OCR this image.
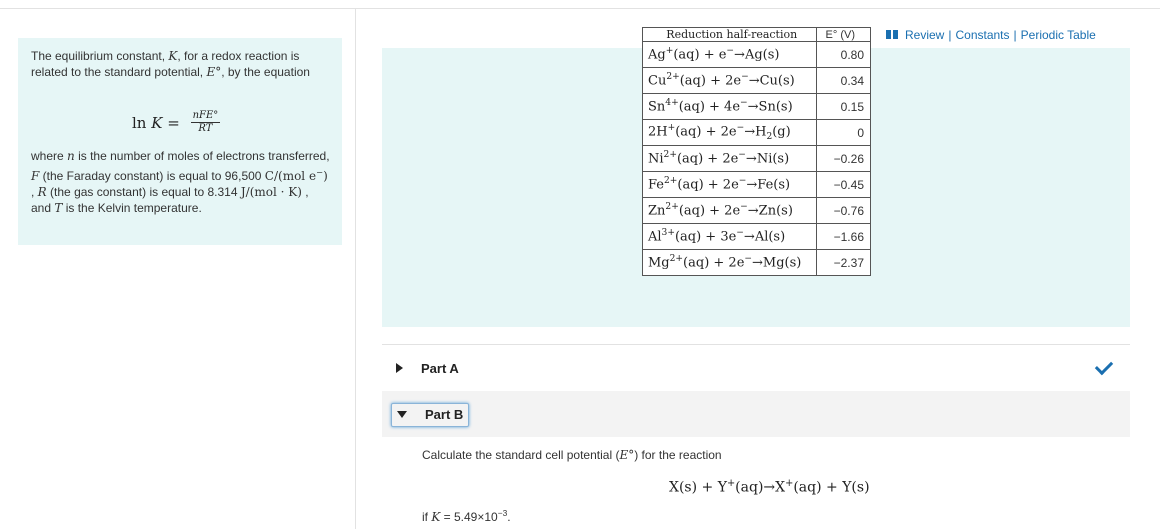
The equilibrium constant, K, for a redox reaction is related to the standard potential, E°, by the equation
ln
$K = \frac{\text{nFE°}}{RT}$
where n is the number of moles of electrons transferred, F (the Faraday constant) is equal to 96,500 C/(mol e−) , R (the gas constant) is equal to 8.314 J/(mol · K) , and T is the Kelvin temperature.
Review | Constants | Periodic Table
Reduction half-reaction	E° (V)
Ag+(aq) + e−→Ag(s)	0.80
$Cu^{2+}(aq) + 2e^-\to Cu(s)$	0.34
$Sn^{4+}(aq) + 4e^-\to Sn(s)$	0.15
$2H^+(aq) + 2e^-\to H_2(g)$	0
$Ni^{2+}(aq) + 2e^-\to Ni(s)$	−0.26
$Fe^{2+}(aq) + 2e^-\to Fe(s)$	−0.45
$Zn^{2+}(aq) + 2e^-\to Zn(s)$	−0.76
$Al^{3+}(aq) + 3e^-\to Al(s)$	−1.66
$Mg^{2+}(aq) + 2e^-\to Mg(s)$	−2.37
Part A
Part B
Calculate the standard cell potential (E°) for the reaction
X(s) + Y+(aq)→X+(aq) + Y(s)
if $K = 5.49\times 10^{-3}$.
